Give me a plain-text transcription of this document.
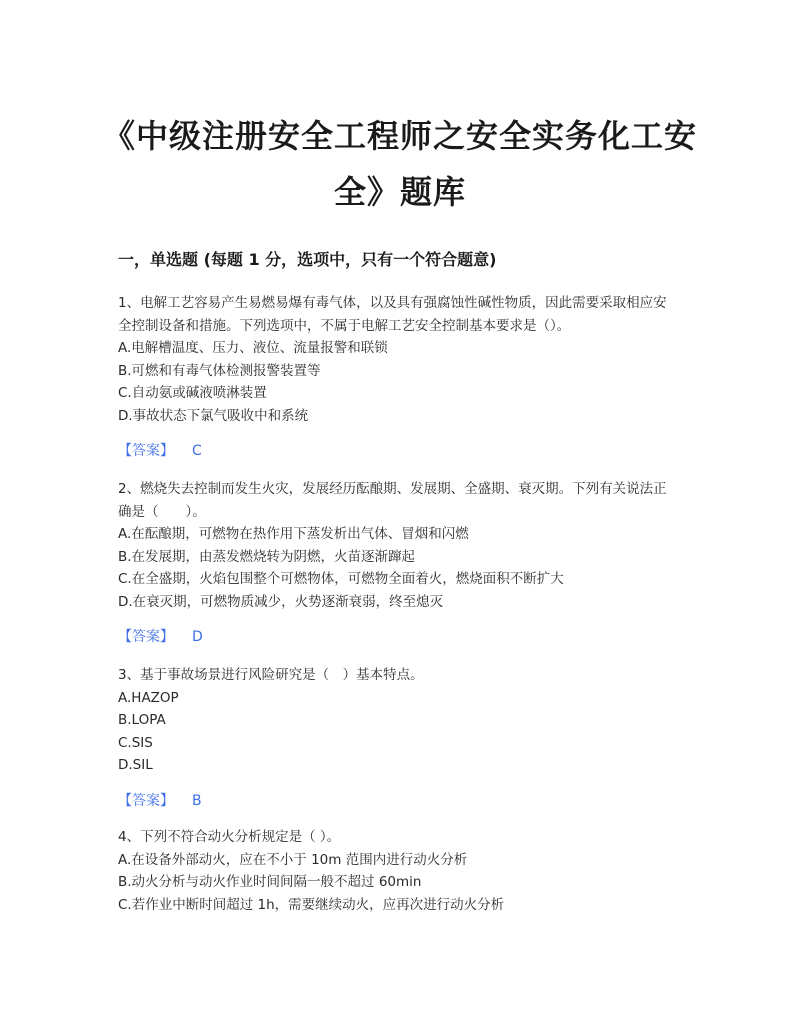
《中级注册安全工程师之安全实务化工安全》题库
一，单选题 (每题 1 分，选项中，只有一个符合题意)
1、电解工艺容易产生易燃易爆有毒气体，以及具有强腐蚀性碱性物质，因此需要采取相应安全控制设备和措施。下列选项中，不属于电解工艺安全控制基本要求是（）。
A.电解槽温度、压力、液位、流量报警和联锁
B.可燃和有毒气体检测报警装置等
C.自动氨或碱液喷淋装置
D.事故状态下氯气吸收中和系统
【答案】 C
2、燃烧失去控制而发生火灾，发展经历酝酿期、发展期、全盛期、衰灭期。下列有关说法正确是（　　）。
A.在酝酿期，可燃物在热作用下蒸发析出气体、冒烟和闪燃
B.在发展期，由蒸发燃烧转为阴燃，火苗逐渐蹿起
C.在全盛期，火焰包围整个可燃物体，可燃物全面着火，燃烧面积不断扩大
D.在衰灭期，可燃物质减少，火势逐渐衰弱，终至熄灭
【答案】 D
3、基于事故场景进行风险研究是（　）基本特点。
A.HAZOP
B.LOPA
C.SIS
D.SIL
【答案】 B
4、下列不符合动火分析规定是（ ）。
A.在设备外部动火，应在不小于 10m 范围内进行动火分析
B.动火分析与动火作业时间间隔一般不超过 60min
C.若作业中断时间超过 1h，需要继续动火，应再次进行动火分析
